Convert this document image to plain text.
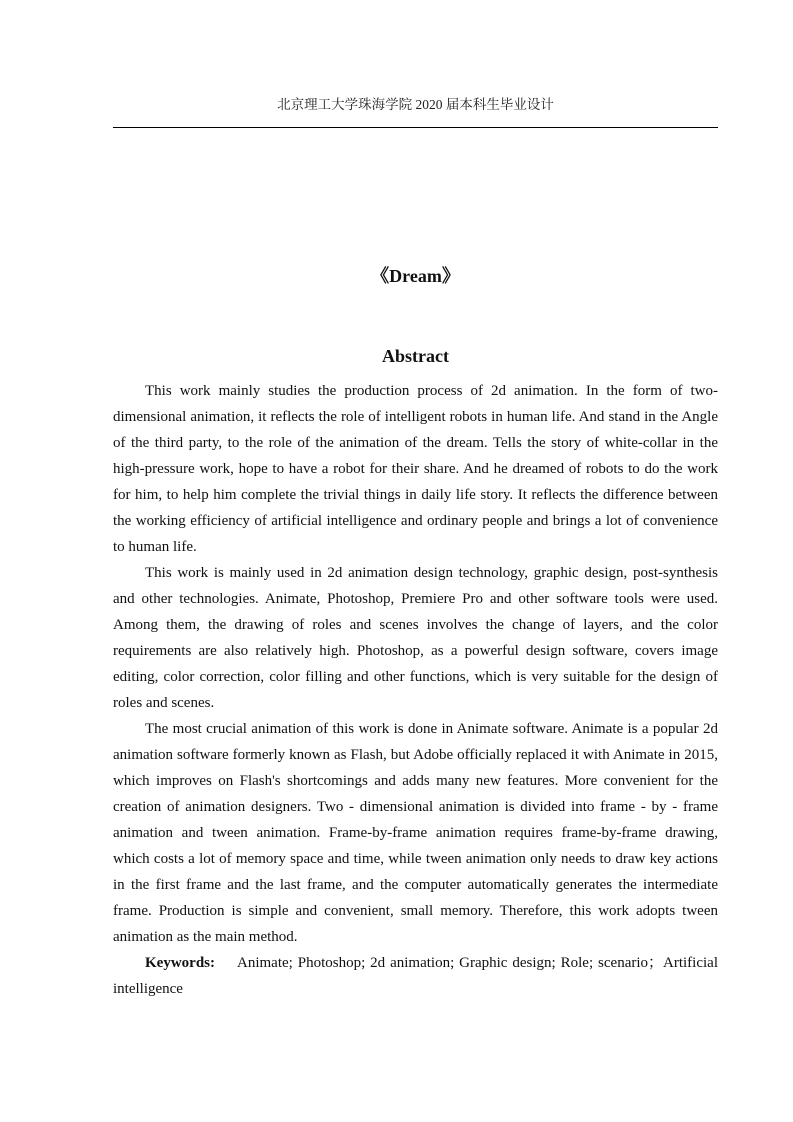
北京理工大学珠海学院 2020 届本科生毕业设计
《Dream》
Abstract

This work mainly studies the production process of 2d animation. In the form of two-dimensional animation, it reflects the role of intelligent robots in human life. And stand in the Angle of the third party, to the role of the animation of the dream. Tells the story of white-collar in the high-pressure work, hope to have a robot for their share. And he dreamed of robots to do the work for him, to help him complete the trivial things in daily life story. It reflects the difference between the working efficiency of artificial intelligence and ordinary people and brings a lot of convenience to human life.

This work is mainly used in 2d animation design technology, graphic design, post-synthesis and other technologies. Animate, Photoshop, Premiere Pro and other software tools were used. Among them, the drawing of roles and scenes involves the change of layers, and the color requirements are also relatively high. Photoshop, as a powerful design software, covers image editing, color correction, color filling and other functions, which is very suitable for the design of roles and scenes.

The most crucial animation of this work is done in Animate software. Animate is a popular 2d animation software formerly known as Flash, but Adobe officially replaced it with Animate in 2015, which improves on Flash's shortcomings and adds many new features. More convenient for the creation of animation designers. Two - dimensional animation is divided into frame - by - frame animation and tween animation. Frame-by-frame animation requires frame-by-frame drawing, which costs a lot of memory space and time, while tween animation only needs to draw key actions in the first frame and the last frame, and the computer automatically generates the intermediate frame. Production is simple and convenient, small memory. Therefore, this work adopts tween animation as the main method.

Keywords: Animate; Photoshop; 2d animation; Graphic design; Role; scenario；Artificial intelligence
